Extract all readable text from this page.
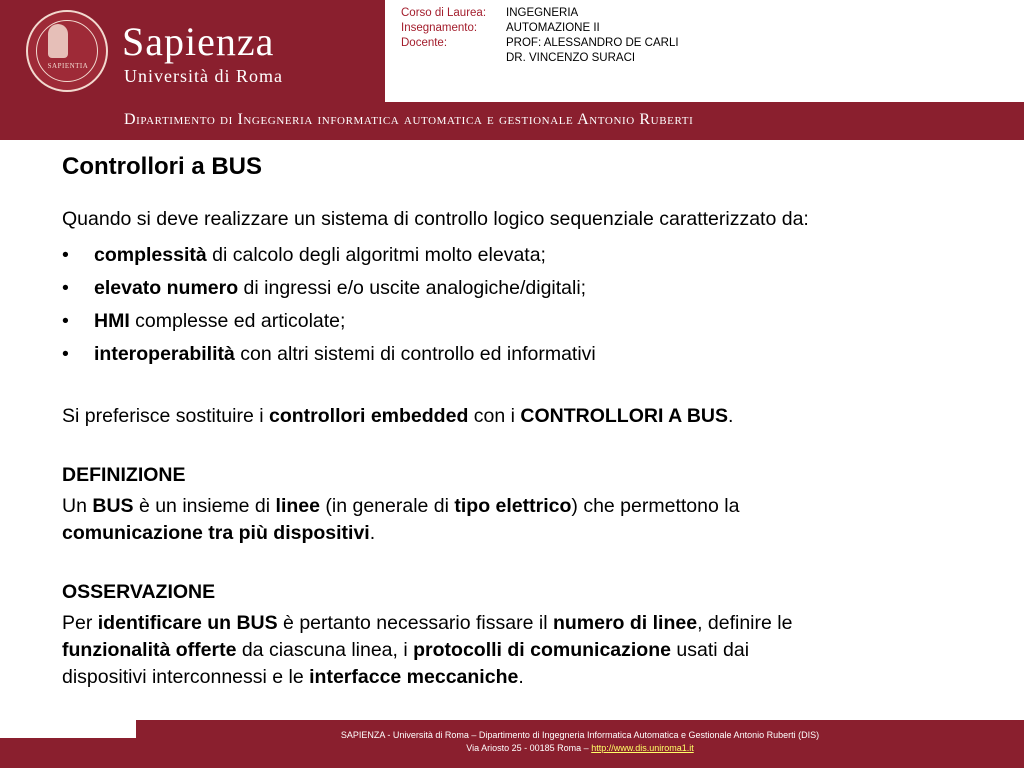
SAPIENTIA
Sapienza
Università di Roma
Corso di Laurea:	INGEGNERIA
Insegnamento:	AUTOMAZIONE II
Docente:	PROF: ALESSANDRO DE CARLI
DR. VINCENZO SURACI
Dipartimento di Ingegneria informatica automatica e gestionale Antonio Ruberti
Controllori a BUS

Quando si deve realizzare un sistema di controllo logico sequenziale caratterizzato da:

• complessità di calcolo degli algoritmi molto elevata;
• elevato numero di ingressi e/o uscite analogiche/digitali;
• HMI complesse ed articolate;
• interoperabilità con altri sistemi di controllo ed informativi

Si preferisce sostituire i controllori embedded con i CONTROLLORI A BUS.

DEFINIZIONE

Un BUS è un insieme di linee (in generale di tipo elettrico) che permettono la
comunicazione tra più dispositivi.

OSSERVAZIONE

Per identificare un BUS è pertanto necessario fissare il numero di linee, definire le
funzionalità offerte da ciascuna linea, i protocolli di comunicazione usati dai
dispositivi interconnessi e le interfacce meccaniche.

SAPIENZA - Università di Roma – Dipartimento di Ingegneria Informatica Automatica e Gestionale Antonio Ruberti (DIS)
Via Ariosto 25 - 00185 Roma – http://www.dis.uniroma1.it
